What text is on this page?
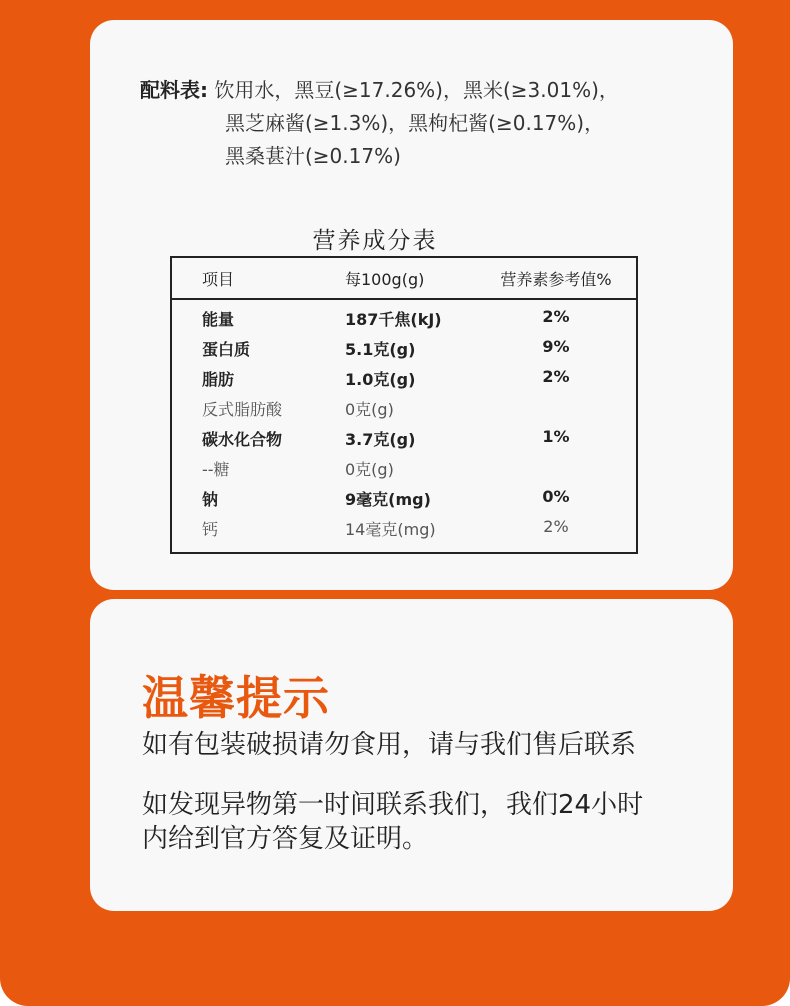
配料表: 饮用水，黑豆(≥17.26%)，黑米(≥3.01%)，
黑芝麻酱(≥1.3%)，黑枸杞酱(≥0.17%)，
黑桑葚汁(≥0.17%)
营养成分表
项目	每100g(g)	营养素参考值%
能量	187千焦(kJ)	2%
蛋白质	5.1克(g)	9%
脂肪	1.0克(g)	2%
反式脂肪酸	0克(g)
碳水化合物	3.7克(g)	1%
--糖	0克(g)
钠	9毫克(mg)	0%
钙	14毫克(mg)	2%
温馨提示
如有包装破损请勿食用，请与我们售后联系
如发现异物第一时间联系我们，我们24小时
内给到官方答复及证明。
